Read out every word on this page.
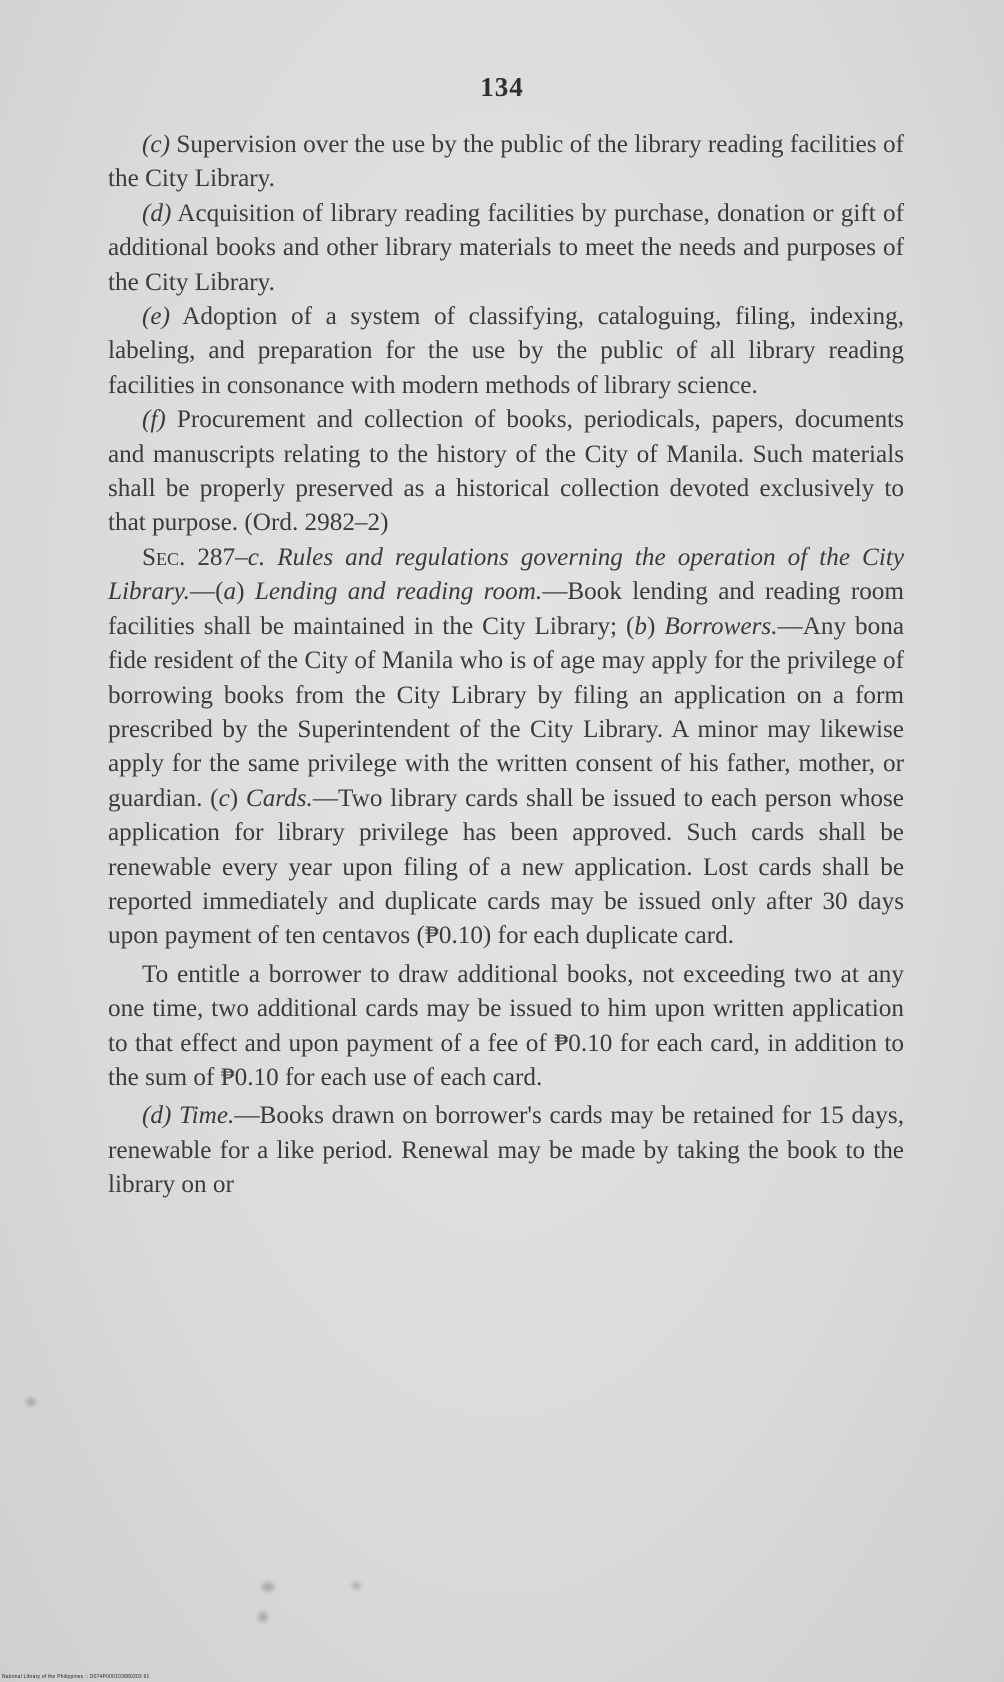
134

(c) Supervision over the use by the public of the library reading facilities of the City Library.

(d) Acquisition of library reading facilities by purchase, donation or gift of additional books and other library materials to meet the needs and purposes of the City Library.

(e) Adoption of a system of classifying, cataloguing, filing, indexing, labeling, and preparation for the use by the public of all library reading facilities in consonance with modern methods of library science.

(f) Procurement and collection of books, periodicals, papers, documents and manuscripts relating to the history of the City of Manila. Such materials shall be properly preserved as a historical collection devoted exclusively to that purpose. (Ord. 2982–2)

Sec. 287–c. Rules and regulations governing the operation of the City Library.—(a) Lending and reading room.—Book lending and reading room facilities shall be maintained in the City Library; (b) Borrowers.—Any bona fide resident of the City of Manila who is of age may apply for the privilege of borrowing books from the City Library by filing an application on a form prescribed by the Superintendent of the City Library. A minor may likewise apply for the same privilege with the written consent of his father, mother, or guardian. (c) Cards.—Two library cards shall be issued to each person whose application for library privilege has been approved. Such cards shall be renewable every year upon filing of a new application. Lost cards shall be reported immediately and duplicate cards may be issued only after 30 days upon payment of ten centavos (₱0.10) for each duplicate card.

To entitle a borrower to draw additional books, not exceeding two at any one time, two additional cards may be issued to him upon written application to that effect and upon payment of a fee of ₱0.10 for each card, in addition to the sum of ₱0.10 for each use of each card.

(d) Time.—Books drawn on borrower's cards may be retained for 15 days, renewable for a like period. Renewal may be made by taking the book to the library on or

National Library of the Philippines :: D074P000103880203 91
